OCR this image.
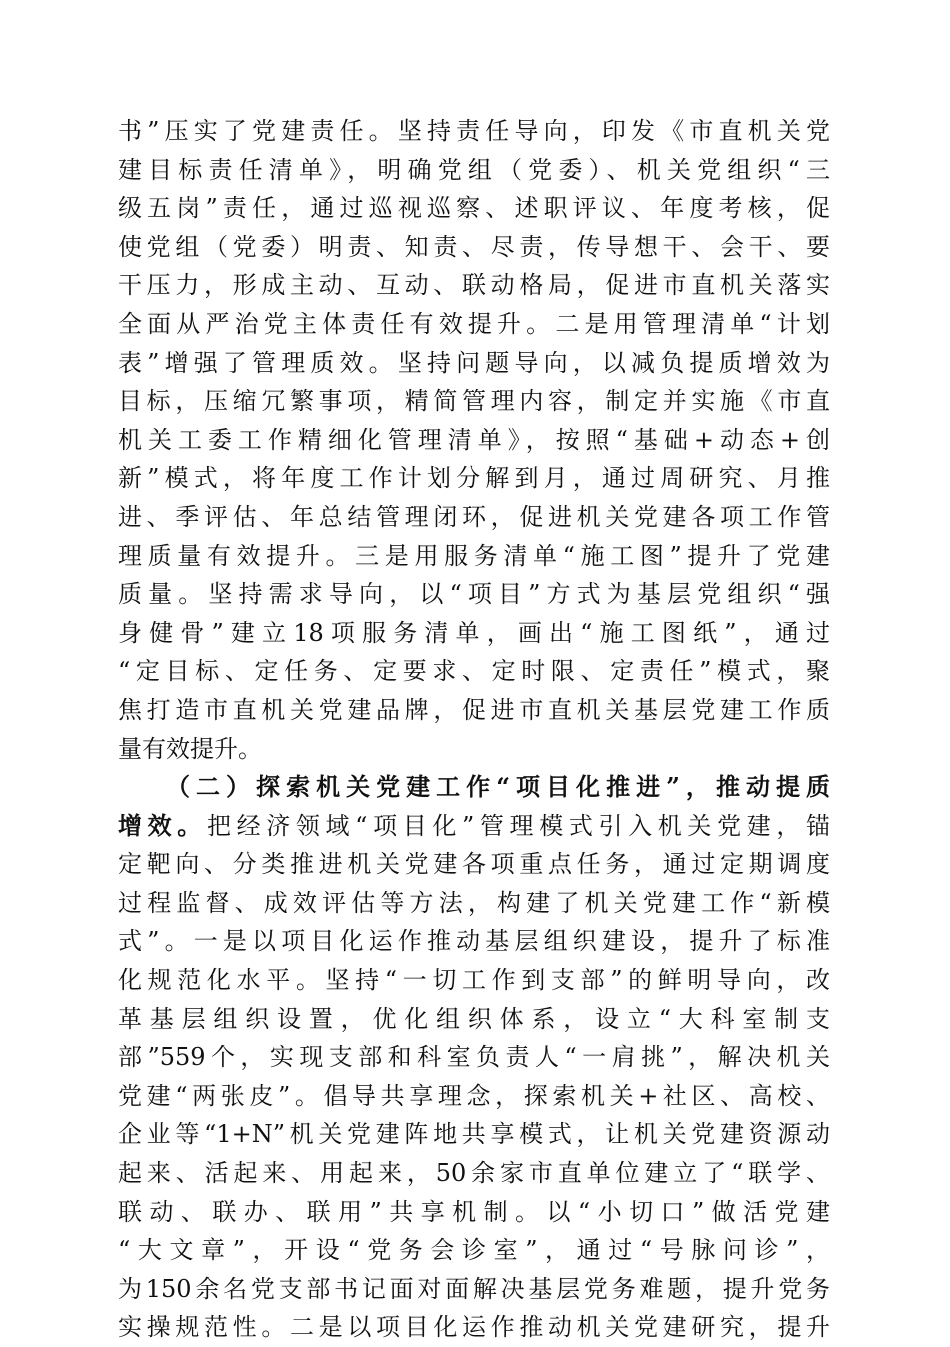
书”压实了党建责任。坚持责任导向，印发《市直机关党
建目标责任清单》，明确党组（党委）、机关党组织“三
级五岗”责任，通过巡视巡察、述职评议、年度考核，促
使党组（党委）明责、知责、尽责，传导想干、会干、要
干压力，形成主动、互动、联动格局，促进市直机关落实
全面从严治党主体责任有效提升。二是用管理清单“计划
表”增强了管理质效。坚持问题导向，以减负提质增效为
目标，压缩冗繁事项，精简管理内容，制定并实施《市直
机关工委工作精细化管理清单》，按照“基础+动态+创
新”模式，将年度工作计划分解到月，通过周研究、月推
进、季评估、年总结管理闭环，促进机关党建各项工作管
理质量有效提升。三是用服务清单“施工图”提升了党建
质量。坚持需求导向，以“项目”方式为基层党组织“强
身健骨”建立18项服务清单，画出“施工图纸”，通过
“定目标、定任务、定要求、定时限、定责任”模式，聚
焦打造市直机关党建品牌，促进市直机关基层党建工作质
量有效提升。
（二）探索机关党建工作“项目化推进”，推动提质
增效。把经济领域“项目化”管理模式引入机关党建，锚
定靶向、分类推进机关党建各项重点任务，通过定期调度
过程监督、成效评估等方法，构建了机关党建工作“新模
式”。一是以项目化运作推动基层组织建设，提升了标准
化规范化水平。坚持“一切工作到支部”的鲜明导向，改
革基层组织设置，优化组织体系，设立“大科室制支
部”559个，实现支部和科室负责人“一肩挑”，解决机关
党建“两张皮”。倡导共享理念，探索机关+社区、高校、
企业等“1+N”机关党建阵地共享模式，让机关党建资源动
起来、活起来、用起来，50余家市直单位建立了“联学、
联动、联办、联用”共享机制。以“小切口”做活党建
“大文章”，开设“党务会诊室”，通过“号脉问诊”，
为150余名党支部书记面对面解决基层党务难题，提升党务
实操规范性。二是以项目化运作推动机关党建研究，提升
